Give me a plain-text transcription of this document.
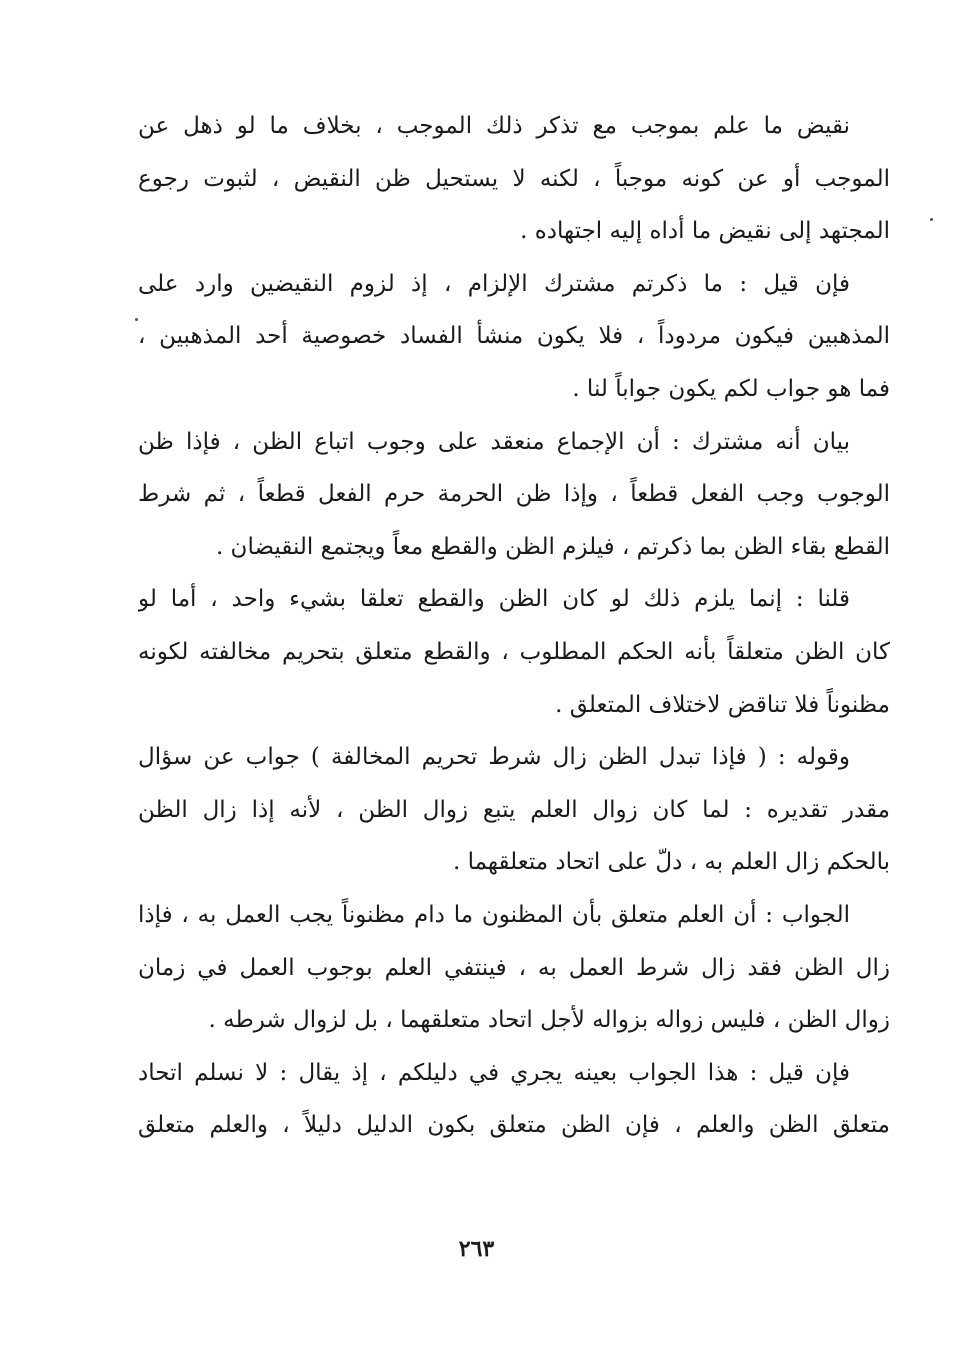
نقيض ما علم بموجب مع تذكر ذلك الموجب ، بخلاف ما لو ذهل عن
الموجب أو عن كونه موجباً ، لكنه لا يستحيل ظن النقيض ، لثبوت رجوع
المجتهد إلى نقيض ما أداه إليه اجتهاده .
فإن قيل : ما ذكرتم مشترك الإلزام ، إذ لزوم النقيضين وارد على
المذهبين فيكون مردوداً ، فلا يكون منشأ الفساد خصوصية أحد المذهبين ،
فما هو جواب لكم يكون جواباً لنا .
بيان أنه مشترك : أن الإجماع منعقد على وجوب اتباع الظن ، فإذا ظن
الوجوب وجب الفعل قطعاً ، وإذا ظن الحرمة حرم الفعل قطعاً ، ثم شرط
القطع بقاء الظن بما ذكرتم ، فيلزم الظن والقطع معاً ويجتمع النقيضان .
قلنا : إنما يلزم ذلك لو كان الظن والقطع تعلقا بشيء واحد ، أما لو
كان الظن متعلقاً بأنه الحكم المطلوب ، والقطع متعلق بتحريم مخالفته لكونه
مظنوناً فلا تناقض لاختلاف المتعلق .
وقوله : ( فإذا تبدل الظن زال شرط تحريم المخالفة ) جواب عن سؤال
مقدر تقديره : لما كان زوال العلم يتبع زوال الظن ، لأنه إذا زال الظن
بالحكم زال العلم به ، دلّ على اتحاد متعلقهما .
الجواب : أن العلم متعلق بأن المظنون ما دام مظنوناً يجب العمل به ، فإذا
زال الظن فقد زال شرط العمل به ، فينتفي العلم بوجوب العمل في زمان
زوال الظن ، فليس زواله بزواله لأجل اتحاد متعلقهما ، بل لزوال شرطه .
فإن قيل : هذا الجواب بعينه يجري في دليلكم ، إذ يقال : لا نسلم اتحاد
متعلق الظن والعلم ، فإن الظن متعلق بكون الدليل دليلاً ، والعلم متعلق
٢٦٣
